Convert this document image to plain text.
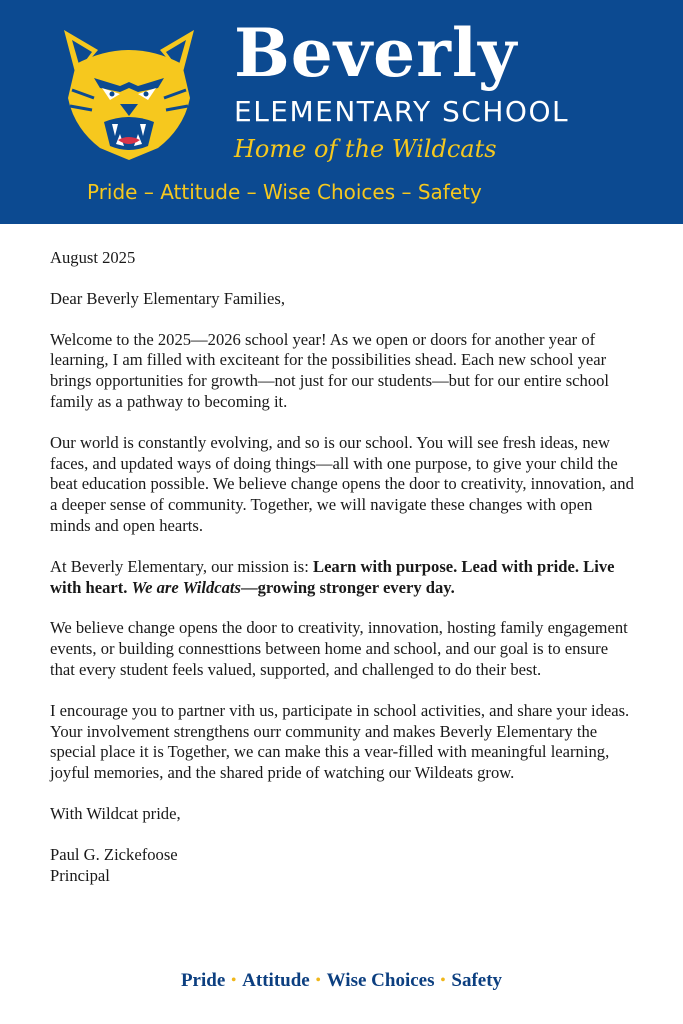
Beverly
ELEMENTARY SCHOOL
Home of the Wildcats
Pride – Attitude – Wise Choices – Safety

August 2025

Dear Beverly Elementary Families,

Welcome to the 2025—2026 school year! As we open or doors for another year of learning, I am filled with exciteant for the possibilities shead. Each new school year brings opportunities for growth—not just for our students—but for our entire school family as a pathway to becoming it.

Our world is constantly evolving, and so is our school. You will see fresh ideas, new faces, and updated ways of doing things—all with one purpose, to give your child the beat education possible. We believe change opens the door to creativity, innovation, and a deeper sense of community. Together, we will navigate these changes with open minds and open hearts.

At Beverly Elementary, our mission is: Learn with purpose. Lead with pride. Live with heart. We are Wildcats—growing stronger every day.

We believe change opens the door to creativity, innovation, hosting family engagement events, or building connesttions between home and school, and our goal is to ensure that every student feels valued, supported, and challenged to do their best.

I encourage you to partner vith us, participate in school activities, and share your ideas. Your involvement strengthens ourr community and makes Beverly Elementary the special place it is Together, we can make this a vear-filled with meaningful learning, joyful memories, and the shared pride of watching our Wildeats grow.

With Wildcat pride,

Paul G. Zickefoose
Principal

Pride • Attitude • Wise Choices • Safety
